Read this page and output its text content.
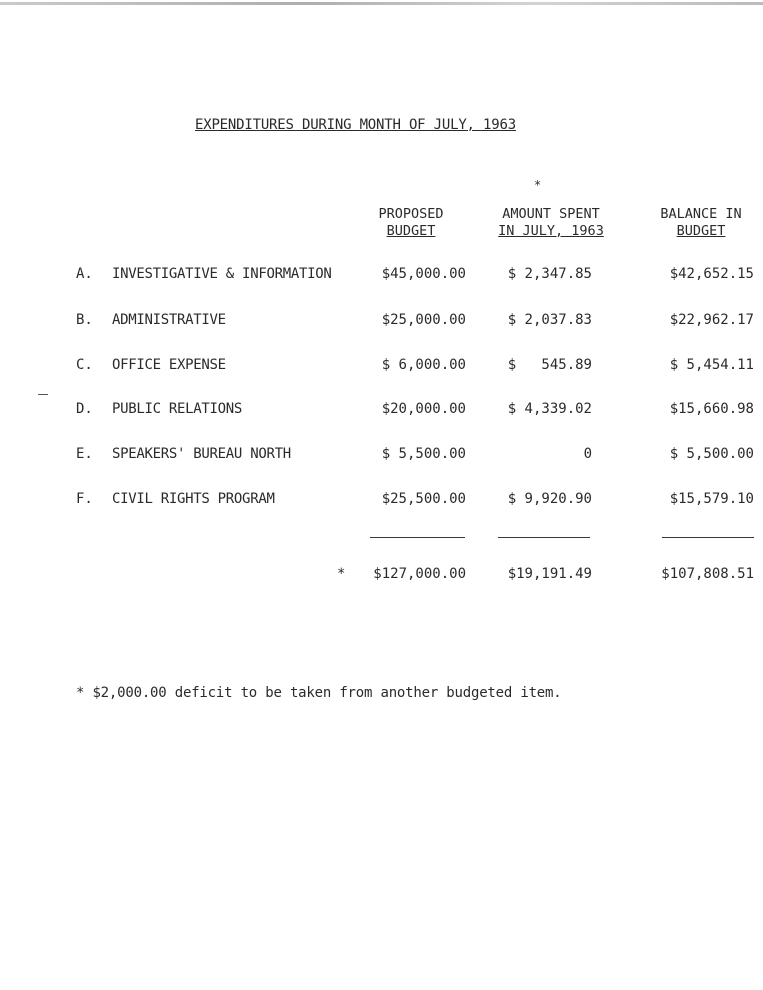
EXPENDITURES DURING MONTH OF JULY, 1963
*
PROPOSED
BUDGET
AMOUNT SPENT
IN JULY, 1963
BALANCE IN
BUDGET
A. INVESTIGATIVE & INFORMATION	$45,000.00	$ 2,347.85	$42,652.15
B. ADMINISTRATIVE	$25,000.00	$ 2,037.83	$22,962.17
C. OFFICE EXPENSE	$ 6,000.00	$   545.89	$ 5,454.11
D. PUBLIC RELATIONS	$20,000.00	$ 4,339.02	$15,660.98
E. SPEAKERS' BUREAU NORTH	$ 5,500.00	0	$ 5,500.00
F. CIVIL RIGHTS PROGRAM	$25,500.00	$ 9,920.90	$15,579.10
*	$127,000.00	$19,191.49	$107,808.51
* $2,000.00 deficit to be taken from another budgeted item.
